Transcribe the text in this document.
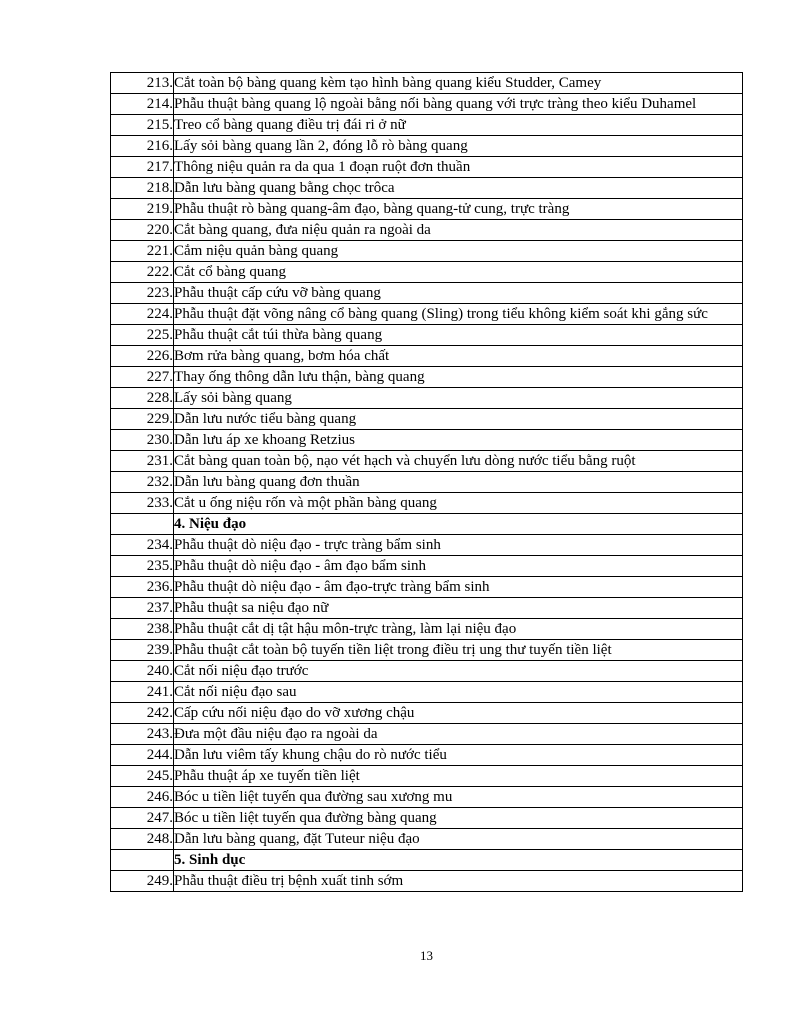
213.	Cắt toàn bộ bàng quang kèm tạo hình bàng quang kiểu Studder, Camey
214.	Phẫu thuật bàng quang lộ ngoài bằng nối bàng quang với trực tràng theo kiểu Duhamel
215.	Treo cổ bàng quang điều trị đái ri ở nữ
216.	Lấy sỏi bàng quang lần 2, đóng lỗ rò bàng quang
217.	Thông niệu quản ra da qua 1 đoạn ruột đơn thuần
218.	Dẫn lưu bàng quang bằng chọc trôca
219.	Phẫu thuật rò bàng quang-âm đạo, bàng quang-tử cung, trực tràng
220.	Cắt bàng quang, đưa niệu quản ra ngoài da
221.	Cắm niệu quản bàng quang
222.	Cắt cổ bàng quang
223.	Phẫu thuật cấp cứu vỡ bàng quang
224.	Phẫu thuật đặt võng nâng cổ bàng quang (Sling) trong tiểu không kiểm soát khi gắng sức
225.	Phẫu thuật cắt túi thừa bàng quang
226.	Bơm rửa bàng quang, bơm hóa chất
227.	Thay ống thông dẫn lưu thận, bàng quang
228.	Lấy sỏi bàng quang
229.	Dẫn lưu nước tiểu bàng quang
230.	Dẫn lưu áp xe khoang Retzius
231.	Cắt bàng quan toàn bộ, nạo vét hạch và chuyển lưu dòng nước tiểu bằng ruột
232.	Dẫn lưu bàng quang đơn thuần
233.	Cắt u ống niệu rốn và một phần bàng quang
	4. Niệu đạo
234.	Phẫu thuật dò niệu đạo - trực tràng bẩm sinh
235.	Phẫu thuật dò niệu đạo - âm đạo bẩm sinh
236.	Phẫu thuật dò niệu đạo - âm đạo-trực tràng bẩm sinh
237.	Phẫu thuật sa niệu đạo nữ
238.	Phẫu thuật cắt dị tật hậu môn-trực tràng, làm lại niệu đạo
239.	Phẫu thuật cắt toàn bộ tuyến tiền liệt trong điều trị ung thư tuyến tiền liệt
240.	Cắt nối niệu đạo trước
241.	Cắt nối niệu đạo sau
242.	Cấp cứu nối niệu đạo do vỡ xương chậu
243.	Đưa một đầu niệu đạo ra ngoài da
244.	Dẫn lưu viêm tấy khung chậu do rò nước tiểu
245.	Phẫu thuật áp xe tuyến tiền liệt
246.	Bóc u tiền liệt tuyến qua đường sau xương mu
247.	Bóc u tiền liệt tuyến qua đường bàng quang
248.	Dẫn lưu bàng quang, đặt Tuteur niệu đạo
	5. Sinh dục
249.	Phẫu thuật điều trị bệnh xuất tinh sớm
13
